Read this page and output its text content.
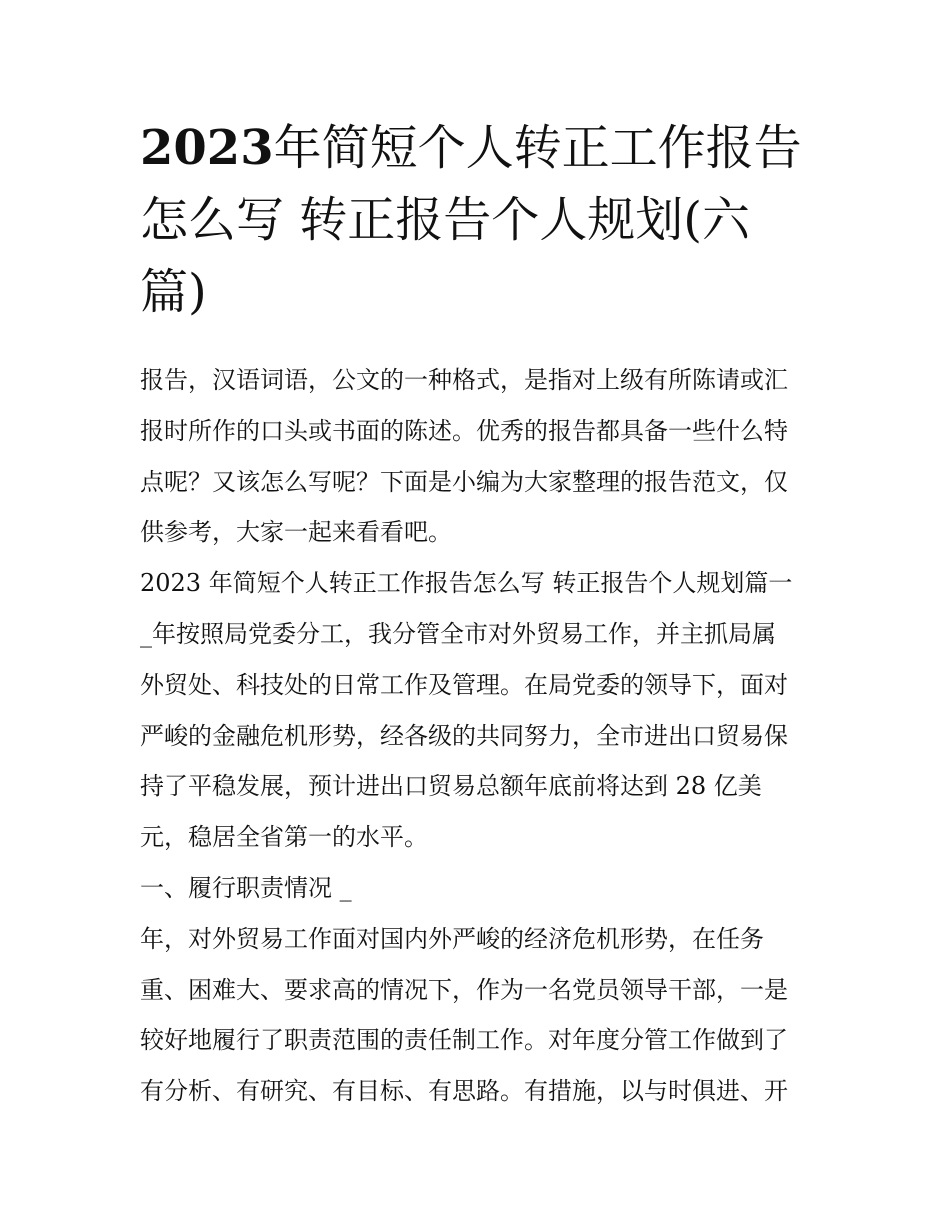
2023年简短个人转正工作报告
怎么写 转正报告个人规划(六
篇)

报告，汉语词语，公文的一种格式，是指对上级有所陈请或汇
报时所作的口头或书面的陈述。优秀的报告都具备一些什么特
点呢？又该怎么写呢？下面是小编为大家整理的报告范文，仅
供参考，大家一起来看看吧。

2023 年简短个人转正工作报告怎么写 转正报告个人规划篇一

_年按照局党委分工，我分管全市对外贸易工作，并主抓局属
外贸处、科技处的日常工作及管理。在局党委的领导下，面对
严峻的金融危机形势，经各级的共同努力，全市进出口贸易保
持了平稳发展，预计进出口贸易总额年底前将达到 28 亿美
元，稳居全省第一的水平。

一、履行职责情况 _

年，对外贸易工作面对国内外严峻的经济危机形势，在任务
重、困难大、要求高的情况下，作为一名党员领导干部，一是
较好地履行了职责范围的责任制工作。对年度分管工作做到了
有分析、有研究、有目标、有思路。有措施，以与时俱进、开
